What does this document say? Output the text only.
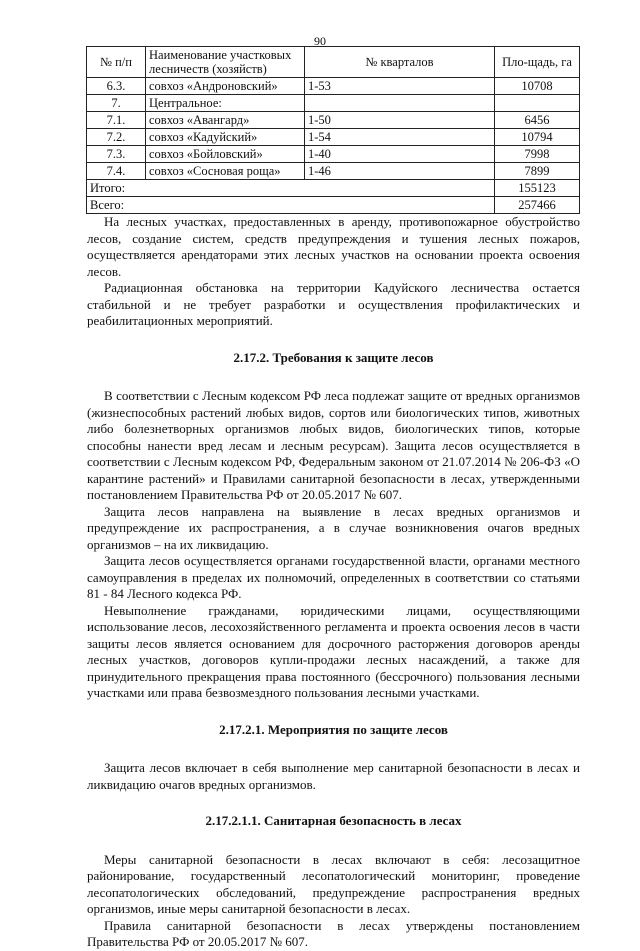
90
№ п/п	Наименование участковых лесничеств (хозяйств)	№ кварталов	Пло-щадь, га
6.3.	совхоз «Андроновский»	1-53	10708
7.	Центральное:		
7.1.	совхоз «Авангард»	1-50	6456
7.2.	совхоз «Кадуйский»	1-54	10794
7.3.	совхоз «Бойловский»	1-40	7998
7.4.	совхоз «Сосновая роща»	1-46	7899
Итого:			155123
Всего:			257466

На лесных участках, предоставленных в аренду, противопожарное обустройство лесов, создание систем, средств предупреждения и тушения лесных пожаров, осуществляется арендаторами этих лесных участков на основании проекта освоения лесов.

Радиационная обстановка на территории Кадуйского лесничества остается стабильной и не требует разработки и осуществления профилактических и реабилитационных мероприятий.

2.17.2. Требования к защите лесов

В соответствии с Лесным кодексом РФ леса подлежат защите от вредных организмов (жизнеспособных растений любых видов, сортов или биологических типов, животных либо болезнетворных организмов любых видов, биологических типов, которые способны нанести вред лесам и лесным ресурсам). Защита лесов осуществляется в соответствии с Лесным кодексом РФ, Федеральным законом от 21.07.2014 № 206-ФЗ «О карантине растений» и Правилами санитарной безопасности в лесах, утвержденными постановлением Правительства РФ от 20.05.2017 № 607.

Защита лесов направлена на выявление в лесах вредных организмов и предупреждение их распространения, а в случае возникновения очагов вредных организмов – на их ликвидацию.

Защита лесов осуществляется органами государственной власти, органами местного самоуправления в пределах их полномочий, определенных в соответствии со статьями 81 - 84 Лесного кодекса РФ.

Невыполнение гражданами, юридическими лицами, осуществляющими использование лесов, лесохозяйственного регламента и проекта освоения лесов в части защиты лесов является основанием для досрочного расторжения договоров аренды лесных участков, договоров купли-продажи лесных насаждений, а также для принудительного прекращения права постоянного (бессрочного) пользования лесными участками или права безвозмездного пользования лесными участками.

2.17.2.1. Мероприятия по защите лесов

Защита лесов включает в себя выполнение мер санитарной безопасности в лесах и ликвидацию очагов вредных организмов.

2.17.2.1.1. Санитарная безопасность в лесах

Меры санитарной безопасности в лесах включают в себя: лесозащитное районирование, государственный лесопатологический мониторинг, проведение лесопатологических обследований, предупреждение распространения вредных организмов, иные меры санитарной безопасности в лесах.

Правила санитарной безопасности в лесах утверждены постановлением Правительства РФ от 20.05.2017 № 607.
